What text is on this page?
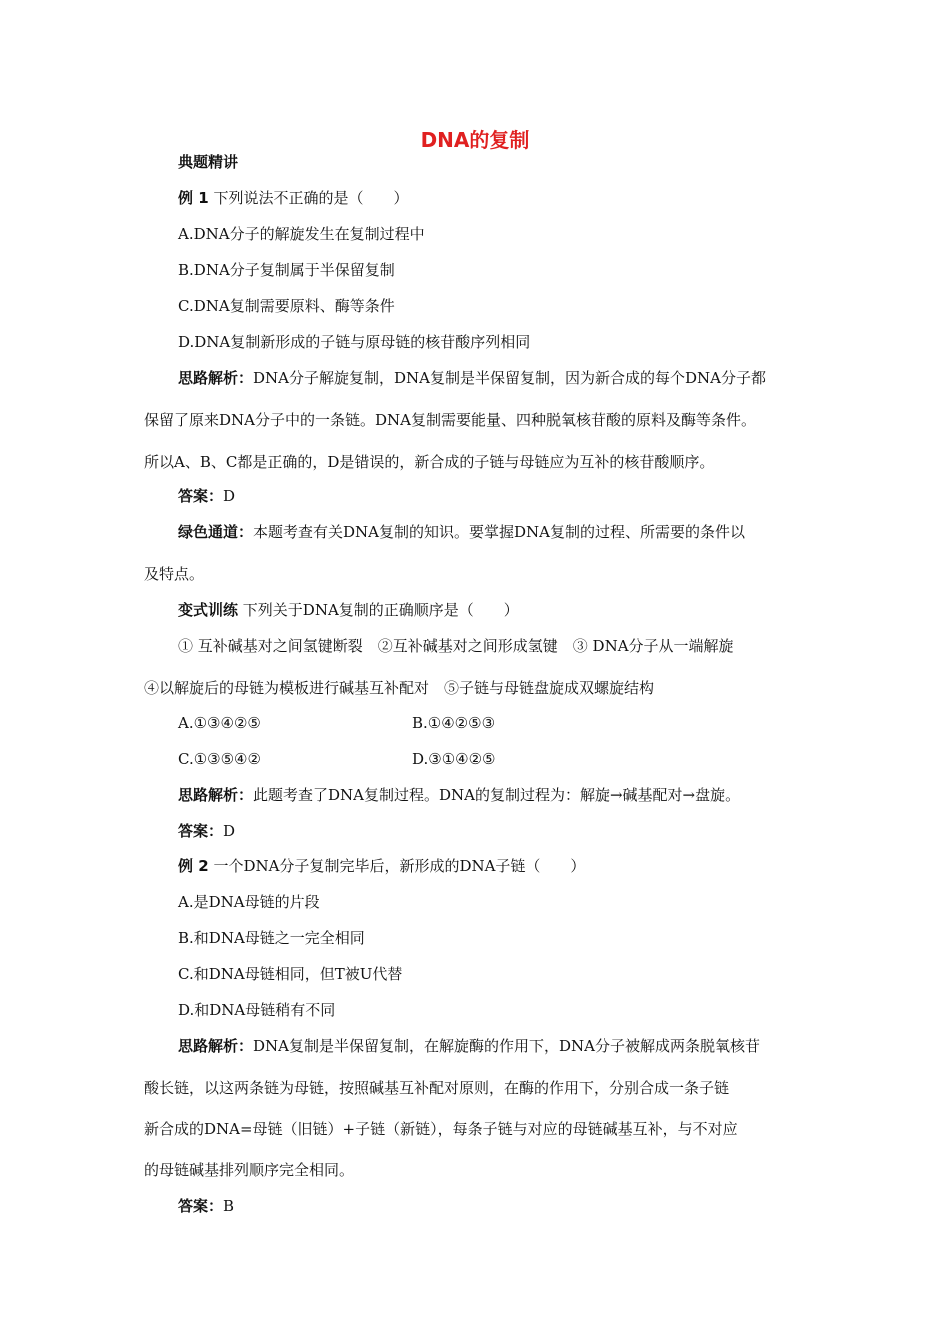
DNA的复制
典题精讲
例 1 下列说法不正确的是（　　）
A.DNA分子的解旋发生在复制过程中
B.DNA分子复制属于半保留复制
C.DNA复制需要原料、酶等条件
D.DNA复制新形成的子链与原母链的核苷酸序列相同
思路解析：DNA分子解旋复制，DNA复制是半保留复制，因为新合成的每个DNA分子都
保留了原来DNA分子中的一条链。DNA复制需要能量、四种脱氧核苷酸的原料及酶等条件。
所以A、B、C都是正确的，D是错误的，新合成的子链与母链应为互补的核苷酸顺序。
答案：D
绿色通道：本题考查有关DNA复制的知识。要掌握DNA复制的过程、所需要的条件以
及特点。
变式训练 下列关于DNA复制的正确顺序是（　　）
① 互补碱基对之间氢键断裂　②互补碱基对之间形成氢键　③ DNA分子从一端解旋
④以解旋后的母链为模板进行碱基互补配对　⑤子链与母链盘旋成双螺旋结构
A.①③④②⑤	B.①④②⑤③
C.①③⑤④②	D.③①④②⑤
思路解析：此题考查了DNA复制过程。DNA的复制过程为：解旋→碱基配对→盘旋。
答案：D
例 2 一个DNA分子复制完毕后，新形成的DNA子链（　　）
A.是DNA母链的片段
B.和DNA母链之一完全相同
C.和DNA母链相同，但T被U代替
D.和DNA母链稍有不同
思路解析：DNA复制是半保留复制，在解旋酶的作用下，DNA分子被解成两条脱氧核苷
酸长链，以这两条链为母链，按照碱基互补配对原则，在酶的作用下，分别合成一条子链
新合成的DNA=母链（旧链）+子链（新链），每条子链与对应的母链碱基互补，与不对应
的母链碱基排列顺序完全相同。
答案：B
